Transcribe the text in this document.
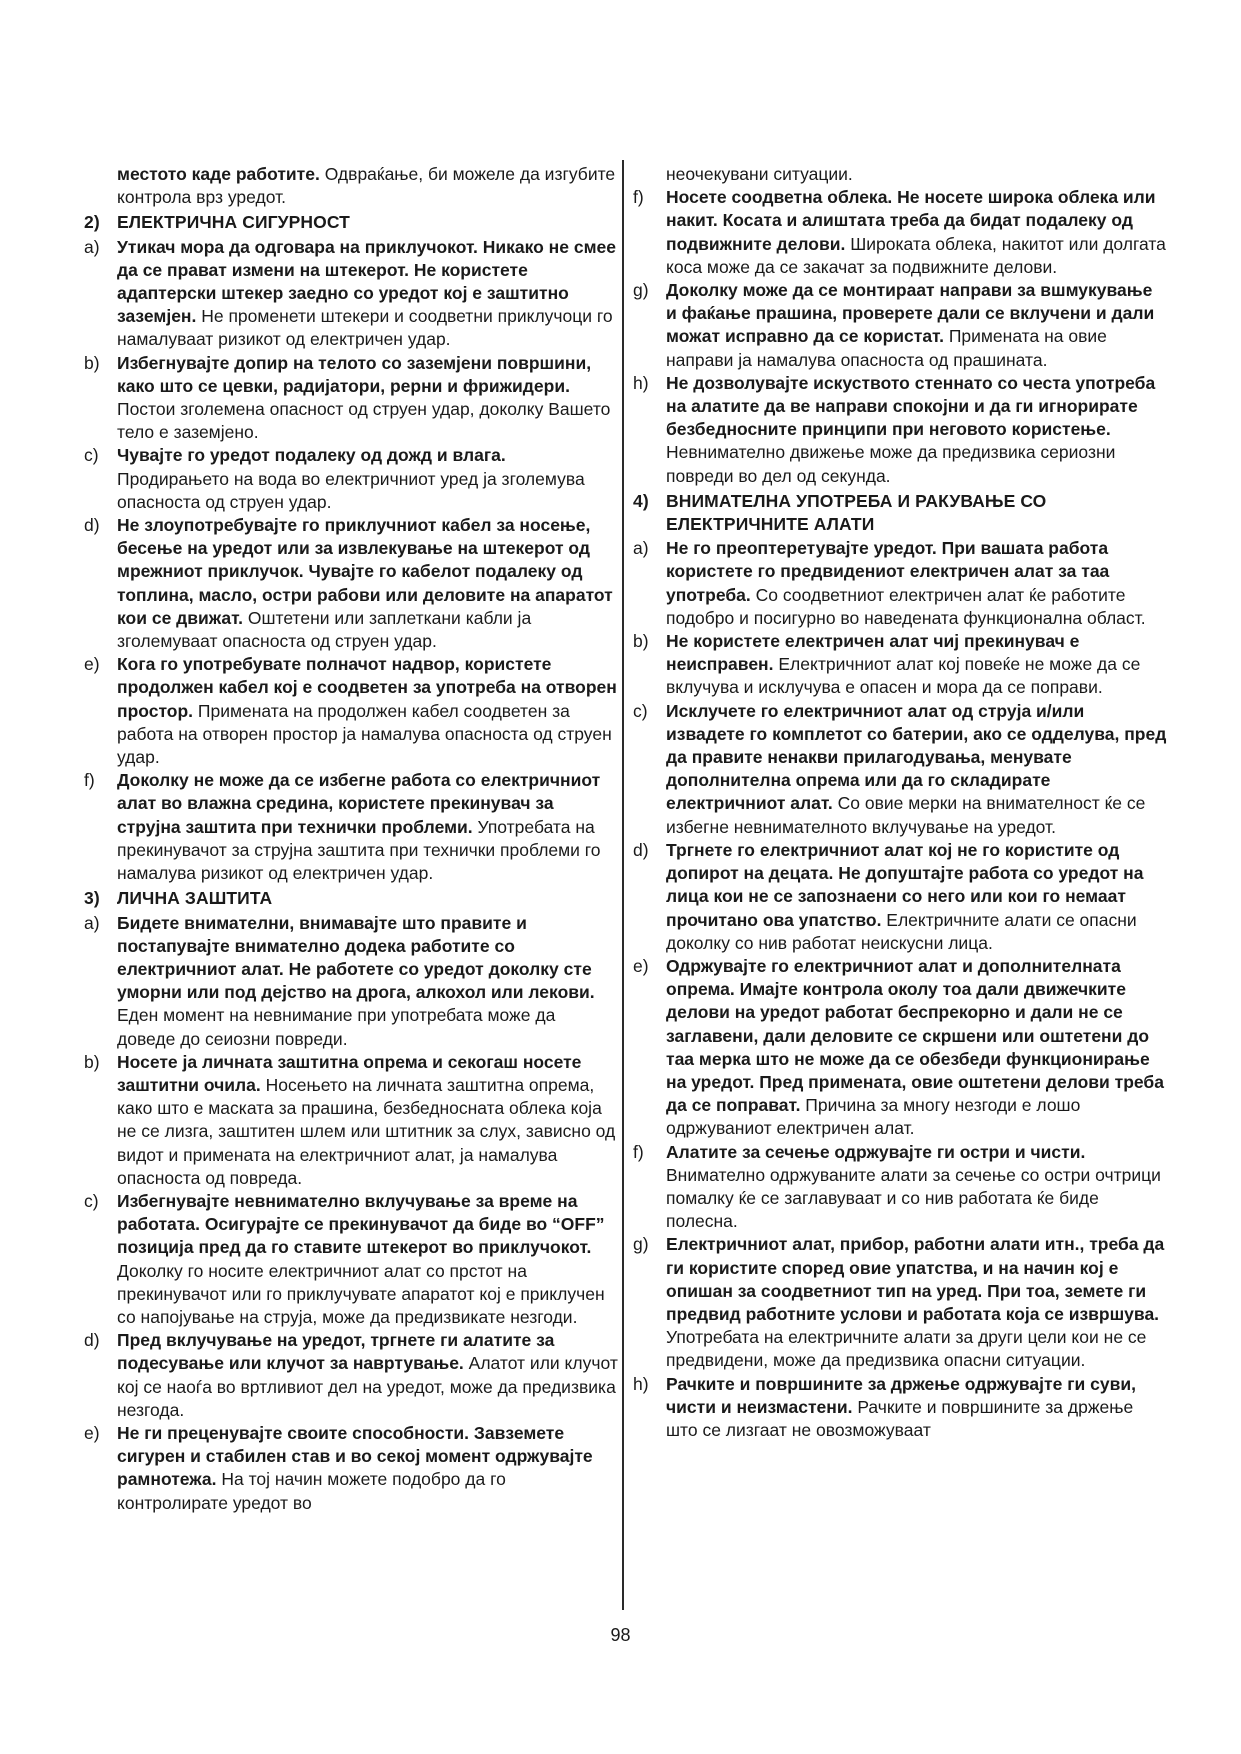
местото каде работите. Одвраќање, би можеле да изгубите контрола врз уредот.

2) ЕЛЕКТРИЧНА СИГУРНОСТ

a) Утикач мора да одговара на приклучокот. Никако не смее да се прават измени на штекерот. Не користете адаптерски штекер заедно со уредот кој е заштитно заземјен. Не променети штекери и соодветни приклучоци го намалуваат ризикот од електричен удар.

b) Избегнувајте допир на телото со заземјени површини, како што се цевки, радијатори, рерни и фрижидери. Постои зголемена опасност од струен удар, доколку Вашето тело е заземјено.

c) Чувајте го уредот подалеку од дожд и влага. Продирањето на вода во електричниот уред ја зголемува опасноста од струен удар.

d) Не злоупотребувајте го приклучниот кабел за носење, бесење на уредот или за извлекување на штекерот од мрежниот приклучок. Чувајте го кабелот подалеку од топлина, масло, остри рабови или деловите на апаратот кои се движат. Оштетени или заплеткани кабли ја зголемуваат опасноста од струен удар.

e) Кога го употребувате полначот надвор, користете продолжен кабел кој е соодветен за употреба на отворен простор. Примената на продолжен кабел соодветен за работа на отворен простор ја намалува опасноста од струен удар.

f) Доколку не може да се избегне работа со електричниот алат во влажна средина, користете прекинувач за струјна заштита при технички проблеми. Употребата на прекинувачот за струјна заштита при технички проблеми го намалува ризикот од електричен удар.

3) ЛИЧНА ЗАШТИТА

a) Бидете внимателни, внимавајте што правите и постапувајте внимателно додека работите со електричниот алат. Не работете со уредот доколку сте уморни или под дејство на дрога, алкохол или лекови. Еден момент на невнимание при употребата може да доведе до сеиозни повреди.

b) Носете ја личната заштитна опрема и секогаш носете заштитни очила. Носењето на личната заштитна опрема, како што е маската за прашина, безбедносната облека која не се лизга, заштитен шлем или штитник за слух, зависно од видот и примената на електричниот алат, ја намалува опасноста од повреда.

c) Избегнувајте невнимателно вклучување за време на работата. Осигурајте се прекинувачот да биде во “OFF” позиција пред да го ставите штекерот во приклучокот. Доколку го носите електричниот алат со прстот на прекинувачот или го приклучувате апаратот кој е приклучен со напојување на струја, може да предизвикате незгоди.

d) Пред вклучување на уредот, тргнете ги алатите за подесување или клучот за навртување. Алатот или клучот кој се наоѓа во вртливиот дел на уредот, може да предизвика незгода.

e) Не ги преценувајте своите способности. Завземете сигурен и стабилен став и во секој момент одржувајте рамнотежа. На тој начин можете подобро да го контролирате уредот во

неочекувани ситуации.

f) Носете соодветна облека. Не носете широка облека или накит. Косата и алиштата треба да бидат подалеку од подвижните делови. Широката облека, накитот или долгата коса може да се закачат за подвижните делови.

g) Доколку може да се монтираат направи за вшмукување и фаќање прашина, проверете дали се вклучени и дали можат исправно да се користат. Примената на овие направи ја намалува опасноста од прашината.

h) Не дозволувајте искуството стеннато со честа употреба на алатите да ве направи спокојни и да ги игнорирате безбедносните принципи при неговото користење. Невнимателно движење може да предизвика сериозни повреди во дел од секунда.

4) ВНИМАТЕЛНА УПОТРЕБА И РАКУВАЊЕ СО ЕЛЕКТРИЧНИТЕ АЛАТИ

a) Не го преоптеретувајте уредот. При вашата работа користете го предвидениот електричен алат за таа употреба. Со соодветниот електричен алат ќе работите подобро и посигурно во наведената функционална област.

b) Не користете електричен алат чиј прекинувач е неисправен. Електричниот алат кој повеќе не може да се вклучува и исклучува е опасен и мора да се поправи.

c) Исклучете го електричниот алат од струја и/или извадете го комплетот со батерии, ако се одделува, пред да правите ненакви прилагодувања, менувате дополнителна опрема или да го складирате електричниот алат. Со овие мерки на внимателност ќе се избегне невнимателното вклучување на уредот.

d) Тргнете го електричниот алат кој не го користите од допирот на децата. Не допуштајте работа со уредот на лица кои не се запознаени со него или кои го немаат прочитано ова упатство. Електричните алати се опасни доколку со нив работат неискусни лица.

e) Одржувајте го електричниот алат и дополнителната опрема. Имајте контрола околу тоа дали движечките делови на уредот работат беспрекорно и дали не се заглавени, дали деловите се скршени или оштетени до таа мерка што не може да се обезбеди функционирање на уредот. Пред примената, овие оштетени делови треба да се поправат. Причина за многу незгоди е лошо одржуваниот електричен алат.

f) Алатите за сечење одржувајте ги остри и чисти. Внимателно одржуваните алати за сечење со остри очтрици помалку ќе се заглавуваат и со нив работата ќе биде полесна.

g) Електричниот алат, прибор, работни алати итн., треба да ги користите според овие упатства, и на начин кој е опишан за соодветниот тип на уред. При тоа, земете ги предвид работните услови и работата која се извршува. Употребата на електричните алати за други цели кои не се предвидени, може да предизвика опасни ситуации.

h) Рачките и површините за држење одржувајте ги суви, чисти и неизмастени. Рачките и површините за држење што се лизгаат не овозможуваат

98
